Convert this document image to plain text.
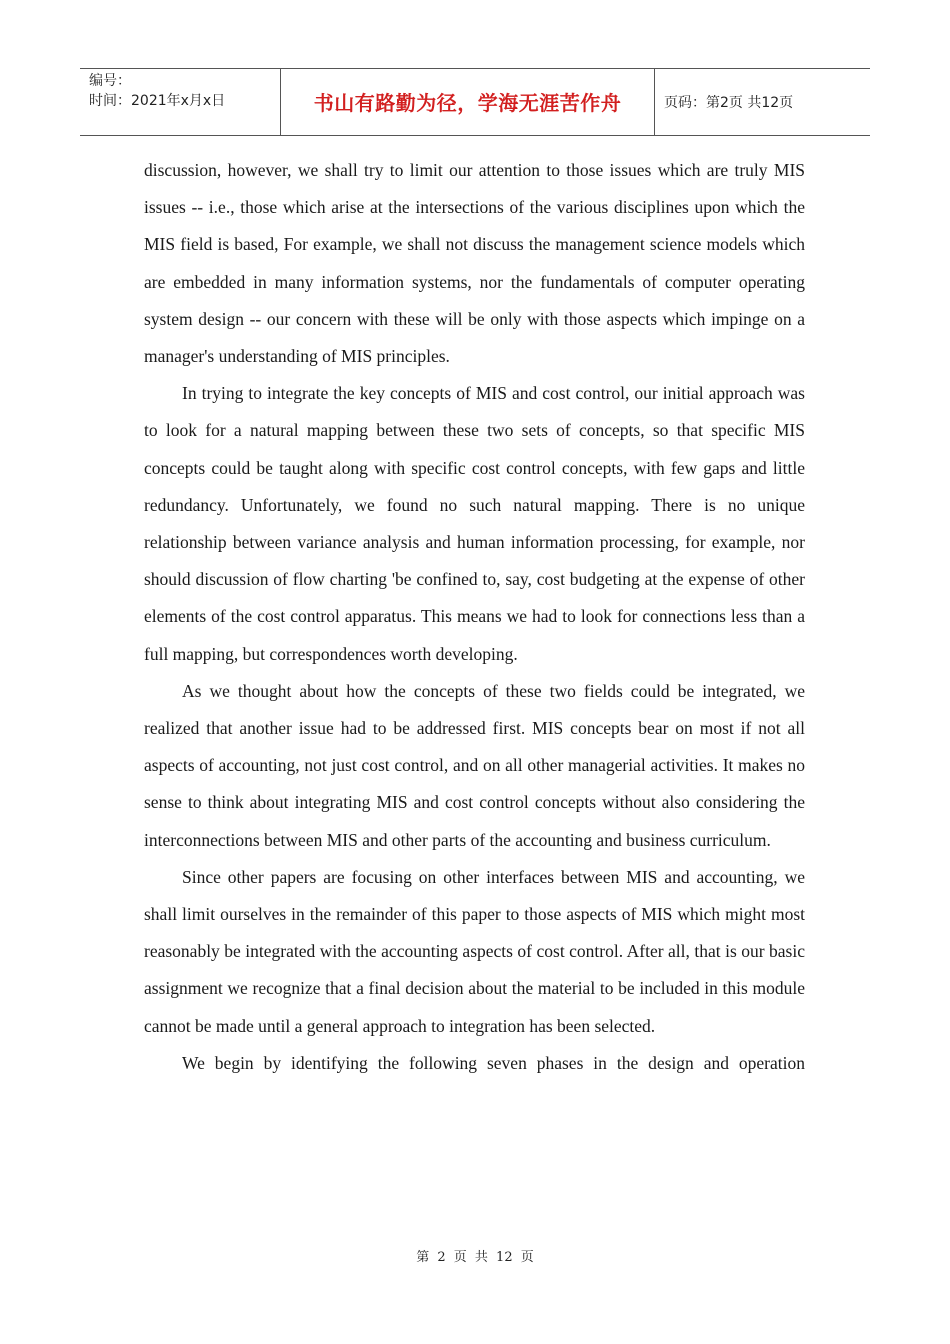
编号：
时间：2021年x月x日	书山有路勤为径，学海无涯苦作舟	页码：第2页 共12页

discussion, however, we shall try to limit our attention to those issues which are truly MIS issues -- i.e., those which arise at the intersections of the various disciplines upon which the MIS field is based, For example, we shall not discuss the management science models which are embedded in many information systems, nor the fundamentals of computer operating system design -- our concern with these will be only with those aspects which impinge on a manager's understanding of MIS principles.

In trying to integrate the key concepts of MIS and cost control, our initial approach was to look for a natural mapping between these two sets of concepts, so that specific MIS concepts could be taught along with specific cost control concepts, with few gaps and little redundancy. Unfortunately, we found no such natural mapping. There is no unique relationship between variance analysis and human information processing, for example, nor should discussion of flow charting 'be confined to, say, cost budgeting at the expense of other elements of the cost control apparatus. This means we had to look for connections less than a full mapping, but correspondences worth developing.

As we thought about how the concepts of these two fields could be integrated, we realized that another issue had to be addressed first. MIS concepts bear on most if not all aspects of accounting, not just cost control, and on all other managerial activities. It makes no sense to think about integrating MIS and cost control concepts without also considering the interconnections between MIS and other parts of the accounting and business curriculum.

Since other papers are focusing on other interfaces between MIS and accounting, we shall limit ourselves in the remainder of this paper to those aspects of MIS which might most reasonably be integrated with the accounting aspects of cost control. After all, that is our basic assignment we recognize that a final decision about the material to be included in this module cannot be made until a general approach to integration has been selected.

We begin by identifying the following seven phases in the design and operation

第 2 页 共 12 页
